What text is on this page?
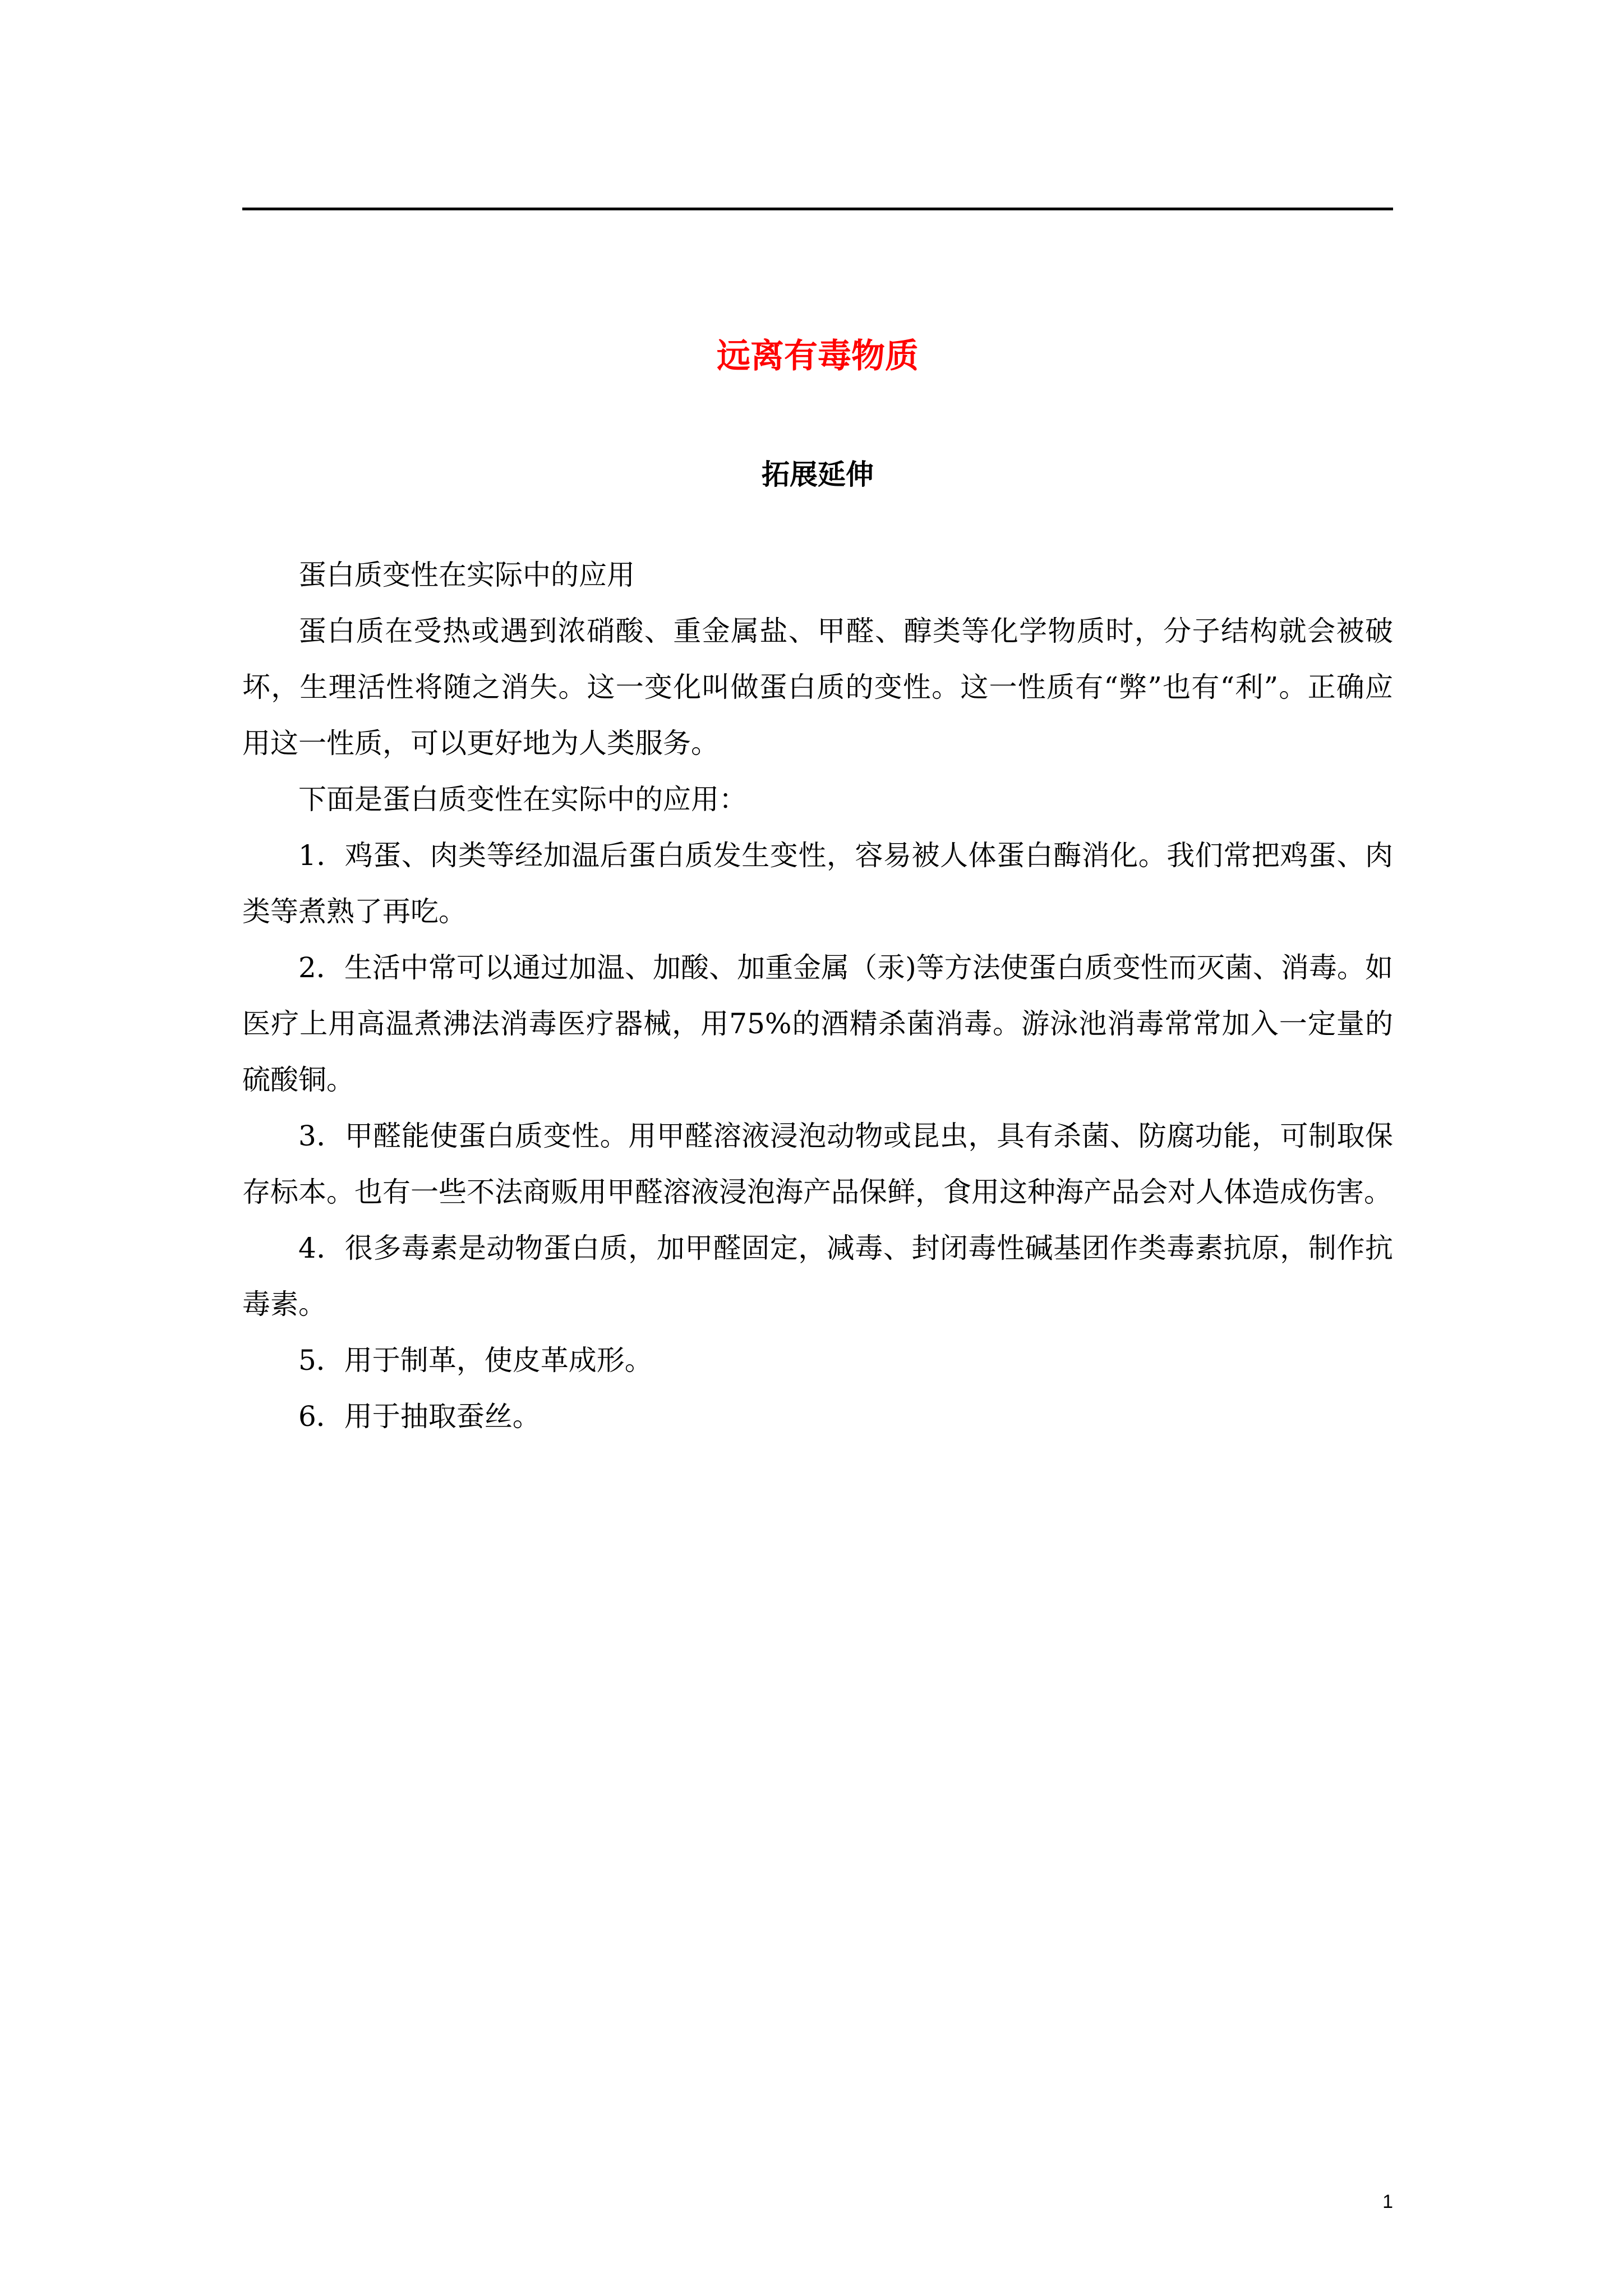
远离有毒物质
拓展延伸

蛋白质变性在实际中的应用

蛋白质在受热或遇到浓硝酸、重金属盐、甲醛、醇类等化学物质时，分子结构就会被破坏，生理活性将随之消失。这一变化叫做蛋白质的变性。这一性质有“弊”也有“利”。正确应用这一性质，可以更好地为人类服务。

下面是蛋白质变性在实际中的应用：

1．鸡蛋、肉类等经加温后蛋白质发生变性，容易被人体蛋白酶消化。我们常把鸡蛋、肉类等煮熟了再吃。

2．生活中常可以通过加温、加酸、加重金属（汞)等方法使蛋白质变性而灭菌、消毒。如医疗上用高温煮沸法消毒医疗器械，用75%的酒精杀菌消毒。游泳池消毒常常加入一定量的硫酸铜。

3．甲醛能使蛋白质变性。用甲醛溶液浸泡动物或昆虫，具有杀菌、防腐功能，可制取保存标本。也有一些不法商贩用甲醛溶液浸泡海产品保鲜，食用这种海产品会对人体造成伤害。

4．很多毒素是动物蛋白质，加甲醛固定，减毒、封闭毒性碱基团作类毒素抗原，制作抗毒素。

5．用于制革，使皮革成形。

6．用于抽取蚕丝。

1
